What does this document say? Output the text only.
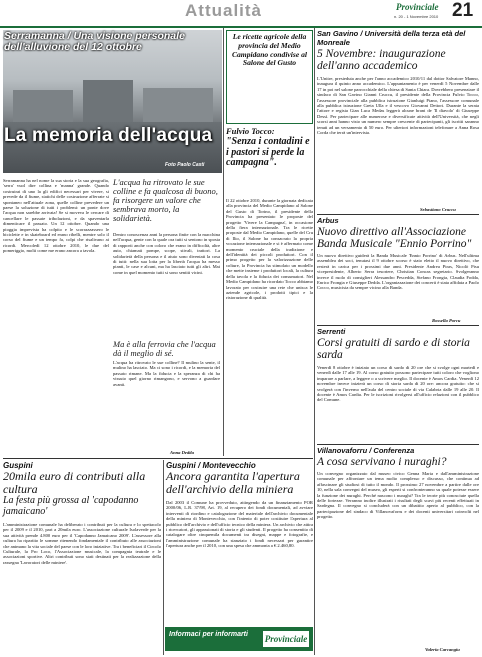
Attualità	Provinciale
n. 20 - 1 Novembre 2010 21
Serramanna / Una visione personale dell'alluvione del 12 ottobre
La memoria dell'acqua
Foto Paolo Casti

Serramanna ha nel nome la sua storia e la sua geografia, 'serra' vuol dire collina e 'manna' grande. Quando costruirai di uno la gli edifici necessari per vivere, si prevede da il fiume, statichi delle costruzione afferrate si spontaneo nell'attuale zona, quelle colline prevedere un paese la soluzione di tutti i problemi: un ponte dove l'acqua non sarebbe arrivata! Se si moveva le cercare di cancellare le passate tribolazioni, e da spaventarla dimenticare il passato. Un 12 ottobre. Quando una pioggia imprevista ha colpito e le scorrazzassero le biciclette e in skateboard ed erano ribelli, mentre solo il corso del fiume e un tempo fa, colpi che risalivano ai ricordi. Mercoledì 12 ottobre 2010, le due del pomeriggio, molti come me erano ancora a tavola.

L'acqua ha ritrovato le sue colline e fa qualcosa di buono, fa risorgere un valore che sembrava morto, la solidarietà.

Dentro conoscenza anni la persona finite con la macchina nell'acqua, gente con la quale ora tutti si sentono in sposta di rapporti anche con coloro che erano in difficoltà, altre auto, chiamati pompe, scope, stivali, trattori. La solidarietà della persona e il aiuto sono diventati la cosa di tutti: nella sua lotta per la libertà l'acqua ha messo pianti, le case e alcuni, ma ha lasciato tutti gli altri. Mai come in quel momento tutti si sono sentiti vicini.

Ma è alla ferrovia che l'acqua dà il meglio di sé.

L'acqua ha ritrovato le sue colline? Il mulino la sente, il mulino ha lasciato. Ma ci sono i ricordi, e la memoria del passato rimane. Ma la fiducia e la speranza di chi ha vissuto quel giorno rimangono, e servono a guardare avanti.

Anna Dedda

Le ricette agricole della provincia del Medio Campidano condivise al Salone del Gusto

Fulvio Tocco:

"Senza i contadini e i pastori si perde la campagna".

Il 22 ottobre 2010, durante la giornata dedicata alla provincia del Medio Campidano al Salone del Gusto di Torino, il presidente della Provincia ha presentato le proposte del progetto 'Vivere la Campagna', in occasione della fiera internazionale. Tra le ricette proposte dal Medio Campidano, quelle del Cru di Ilio, il Salone ha consacrato la propria vocazione internazionale e si è affermato come momento cruciale della tradizione e dell'identità dei piccoli produttori. Con il primo progetto per la valorizzazione delle colture, la Provincia ha stimolato un modello che mette insieme i produttori locali, la cultura della tavola e la fiducia dei consumatori. Nel Medio Campidano ha ricordato Tocco abbiamo lavorato per costruire una rete che unisca le aziende agricole, i prodotti tipici e la ristorazione di qualità.

San Gavino / Università della terza età del Monreale

5 Novembre: inaugurazione dell'anno accademico

L'Unitre, presieduta anche per l'anno accademico 2010/11 dal dottor Salvatore Manno, inaugura il quinto anno accademico. L'appuntamento è per venerdì 5 Novembre dalle 17 in poi nel salone parrocchiale della chiesa di Santa Chiara. Dovrebbero presenziare il sindaco di San Gavino Gianni Cruccu, il presidente della Provincia Fulvio Tocco, l'assessore provinciale alla pubblica istruzione Gianluigi Piano, l'assessore comunale alla pubblica istruzione Greta Ulla e il vescovo Giovanni Dettori. Durante la serata l'attore e regista Gian Luca Medas leggerà alcune brani de 'Il diavolo' di Giuseppe Dessì. Per partecipare alle numerose e diversificate attività dell'Università, che negli scorsi anni hanno visto un numero sempre crescente di partecipanti, gli iscritti saranno tenuti ad un versamento di 50 euro. Per ulteriori informazioni telefonare a Anna Rosa Corda che terrà un'intervista.

Sebastiano Cruccu

Arbus

Nuovo direttivo all'Associazione Banda Musicale "Ennio Porrino"

Un nuovo direttivo guiderà la Banda Musicale 'Ennio Porrino' di Arbus. Nell'ultima assemblea dei soci, tenutasi il 9 ottobre scorso è stato eletto il nuovo direttivo, che resterà in carica per i prossimi due anni. Presidente Andrea Piras, Nicolò Pisu vicepresidente, Alberto Serra tesoriere, Christian Concas segretario. Svolgeranno invece il ruolo di consiglieri Alessandro Pescedda, Stefano Frongia, Claudia Fodda, Enrico Frongia e Giuseppe Dedda. L'organizzazione dei concerti è stata affidata a Paolo Cocco, musicista da sempre vicino alla Banda.

Rossella Porcu

Serrenti

Corsi gratuiti di sardo e di storia sarda

Venerdì 8 ottobre è iniziato un corso di sardo di 20 ore che si svolge ogni martedì e venerdì dalle 17 alle 19. Al corso gratuito possono partecipare tutti coloro che vogliono imparare a parlare, a leggere o a scrivere meglio. Il docente è Amos Cardia. Venerdì 12 novembre invece inizierà un corso di storia sarda di 20 ore: ancora gratuito: che si svolgerà con l'inverno nell'aula del centro sociale di via Calabria dalle 19 alle 20. Il docente è Amos Cardia. Per le iscrizioni rivolgersi all'ufficio relazioni con il pubblico del Comune.

Villanovaforru / Conferenza

A cosa servivano i nuraghi?

Un convegno organizzato dal museo civico Genna Maria e dall'amministrazione comunale per affrontare un tema molto complesso e discusso, che continua ad affascinare gli studiosi di tutto il mondo. Il prossimo 27 novembre a partire dalle ore 10, nella sala convegni del museo, gli esperti si confronteranno su quale potesse essere la funzione dei nuraghi. Perché nascono i nuraghi? Tra le teorie più conosciute quella delle fortezze. Verranno inoltre illustrati i risultati degli scavi più recenti effettuati in Sardegna. Il convegno si concluderà con un dibattito aperto al pubblico, con la partecipazione del sindaco di Villanovaforru e dei docenti universitari coinvolti nel progetto.

Valeria Carcangiu

Guspini

20mila euro di contributi alla cultura

La festa più grossa al 'capodanno jamaicano'

L'amministrazione comunale ha deliberato i contributi per la cultura e lo spettacolo per il 2009 e il 2010, pari a 20mila euro. L'associazione culturale Isolaverde per la sua attività prende 4.800 euro per il 'Capodanno Jamaicano 2009'. L'assessore alla cultura ha ripartito le somme ritenendo fondamentale il contributo alle associazioni che animano la vita sociale del paese con le loro iniziative. Tra i beneficiari il Circolo Culturale, la Pro Loco, l'Associazione musicale, la compagnia teatrale e le associazioni sportive. Altri contributi sono stati destinati per la realizzazione della rassegna 'Lavoratori delle miniere'.

Guspini / Montevecchio

Ancora garantita l'apertura dell'archivio della miniera

Dal 2003 il Comune ha provveduto, attingendo da un finanziamento POR 2000/06, L.R. 37/98, Art. 19, al recupero dei fondi documentali, ad avviare interventi di riordino e catalogazione del materiale dell'archivio documentale della miniera di Montevecchio, con l'intento di poter costituire l'apertura al pubblico dell'archivio e dell'ufficio tecnico della miniera. Un archivio che attira i ricercatori, gli appassionati di storia e gli studenti. Il progetto ha consentito di catalogare oltre cinquemila documenti tra disegni, mappe e fotografie, e l'amministrazione comunale ha stanziato i fondi necessari per garantire l'apertura anche per il 2010, con una spesa che ammonta a € 2.460,80.

Informaci per informarti Provinciale
